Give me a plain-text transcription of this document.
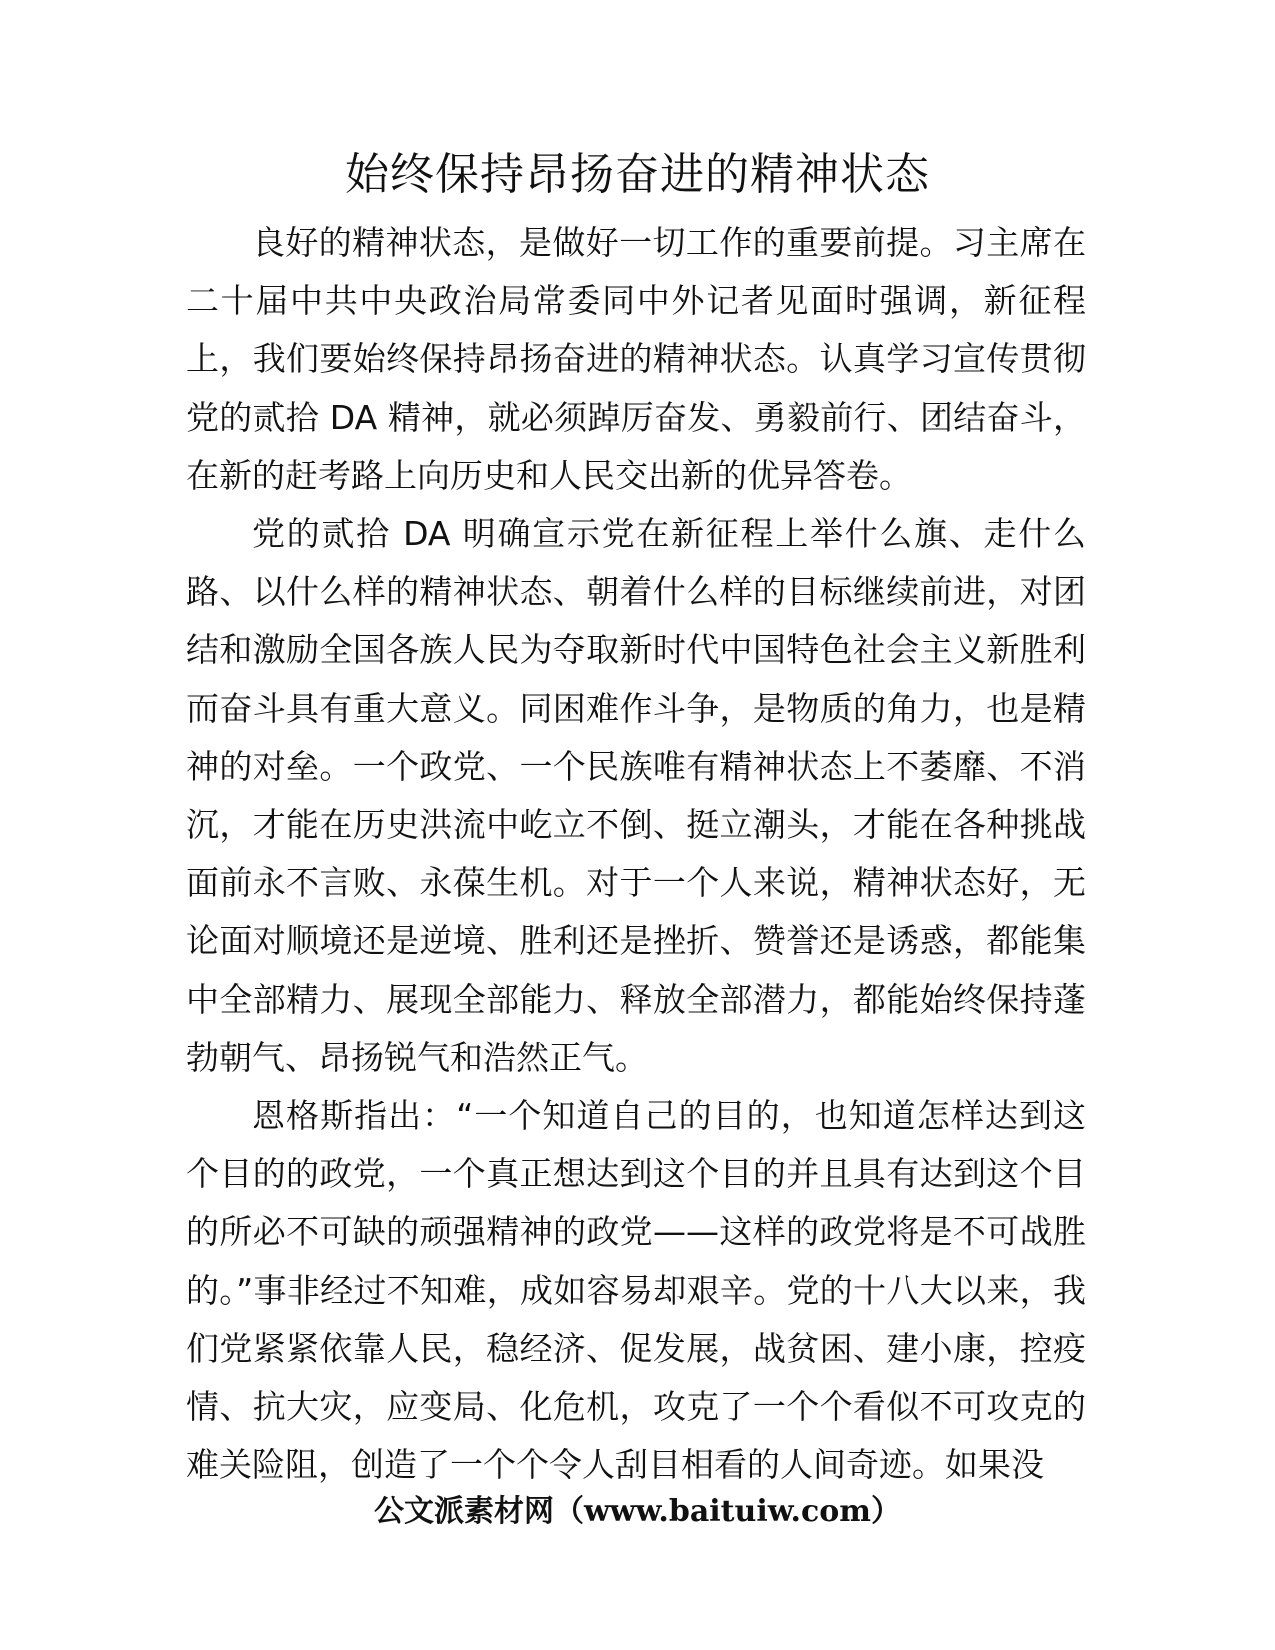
始终保持昂扬奋进的精神状态

良好的精神状态，是做好一切工作的重要前提。习主席在二十届中共中央政治局常委同中外记者见面时强调，新征程上，我们要始终保持昂扬奋进的精神状态。认真学习宣传贯彻党的贰拾 DA 精神，就必须踔厉奋发、勇毅前行、团结奋斗，在新的赶考路上向历史和人民交出新的优异答卷。

党的贰拾 DA 明确宣示党在新征程上举什么旗、走什么路、以什么样的精神状态、朝着什么样的目标继续前进，对团结和激励全国各族人民为夺取新时代中国特色社会主义新胜利而奋斗具有重大意义。同困难作斗争，是物质的角力，也是精神的对垒。一个政党、一个民族唯有精神状态上不萎靡、不消沉，才能在历史洪流中屹立不倒、挺立潮头，才能在各种挑战面前永不言败、永葆生机。对于一个人来说，精神状态好，无论面对顺境还是逆境、胜利还是挫折、赞誉还是诱惑，都能集中全部精力、展现全部能力、释放全部潜力，都能始终保持蓬勃朝气、昂扬锐气和浩然正气。

恩格斯指出：“一个知道自己的目的，也知道怎样达到这个目的的政党，一个真正想达到这个目的并且具有达到这个目的所必不可缺的顽强精神的政党——这样的政党将是不可战胜的。”事非经过不知难，成如容易却艰辛。党的十八大以来，我们党紧紧依靠人民，稳经济、促发展，战贫困、建小康，控疫情、抗大灾，应变局、化危机，攻克了一个个看似不可攻克的难关险阻，创造了一个个令人刮目相看的人间奇迹。如果没

公文派素材网（www.baituiw.com）
